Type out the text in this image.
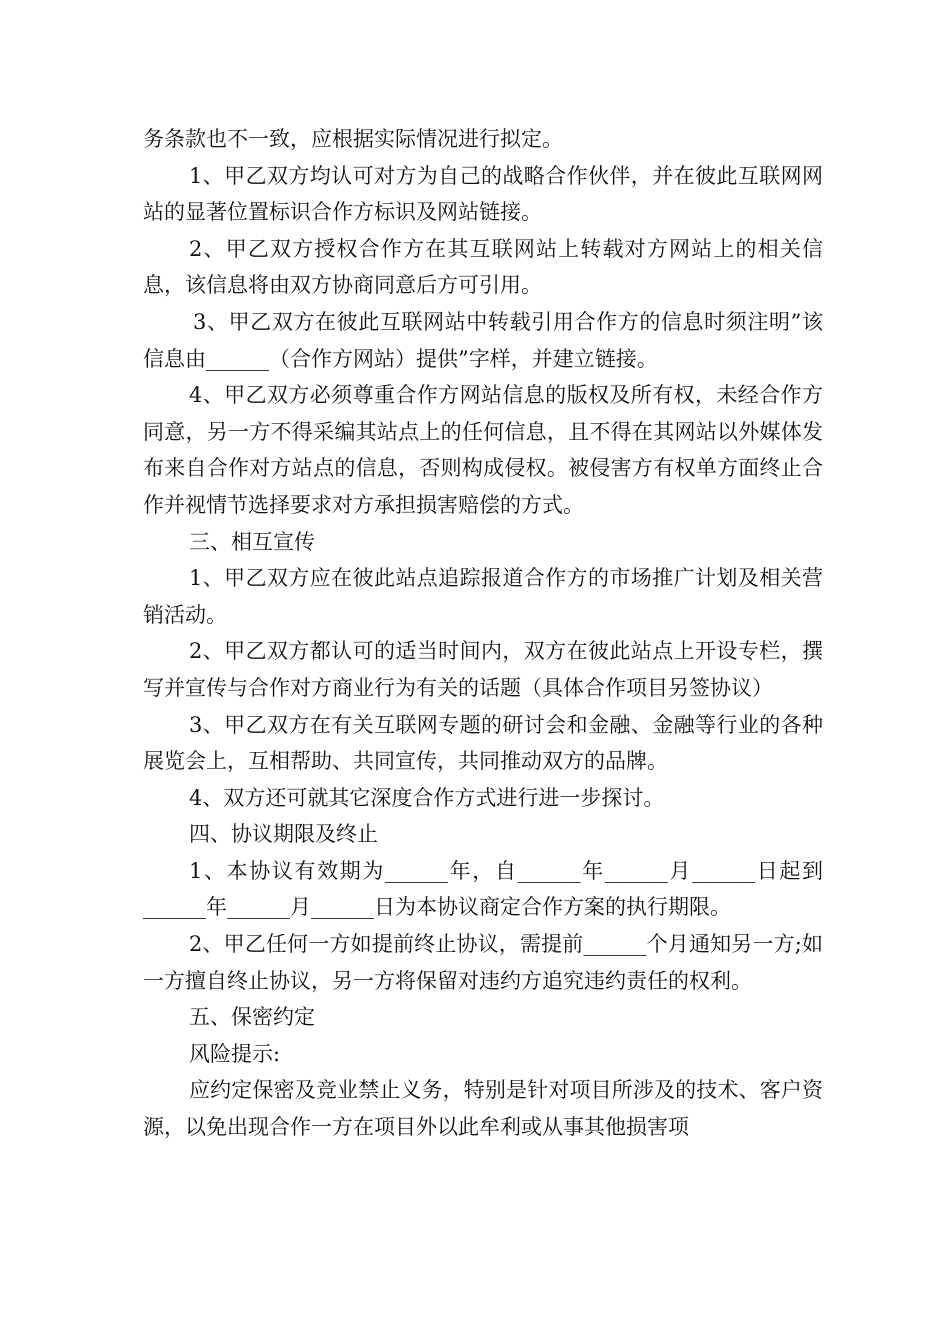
务条款也不一致，应根据实际情况进行拟定。

1、甲乙双方均认可对方为自己的战略合作伙伴，并在彼此互联网网站的显著位置标识合作方标识及网站链接。

2、甲乙双方授权合作方在其互联网站上转载对方网站上的相关信息，该信息将由双方协商同意后方可引用。

3、甲乙双方在彼此互联网站中转载引用合作方的信息时须注明”该信息由______（合作方网站）提供”字样，并建立链接。

4、甲乙双方必须尊重合作方网站信息的版权及所有权，未经合作方同意，另一方不得采编其站点上的任何信息，且不得在其网站以外媒体发布来自合作对方站点的信息，否则构成侵权。被侵害方有权单方面终止合作并视情节选择要求对方承担损害赔偿的方式。

三、相互宣传

1、甲乙双方应在彼此站点追踪报道合作方的市场推广计划及相关营销活动。

2、甲乙双方都认可的适当时间内，双方在彼此站点上开设专栏，撰写并宣传与合作对方商业行为有关的话题（具体合作项目另签协议）

3、甲乙双方在有关互联网专题的研讨会和金融、金融等行业的各种展览会上，互相帮助、共同宣传，共同推动双方的品牌。

4、双方还可就其它深度合作方式进行进一步探讨。

四、协议期限及终止

1、本协议有效期为______年，自______年______月______日起到______年______月______日为本协议商定合作方案的执行期限。

2、甲乙任何一方如提前终止协议，需提前______个月通知另一方;如一方擅自终止协议，另一方将保留对违约方追究违约责任的权利。

五、保密约定

风险提示:

应约定保密及竞业禁止义务，特别是针对项目所涉及的技术、客户资源，以免出现合作一方在项目外以此牟利或从事其他损害项
